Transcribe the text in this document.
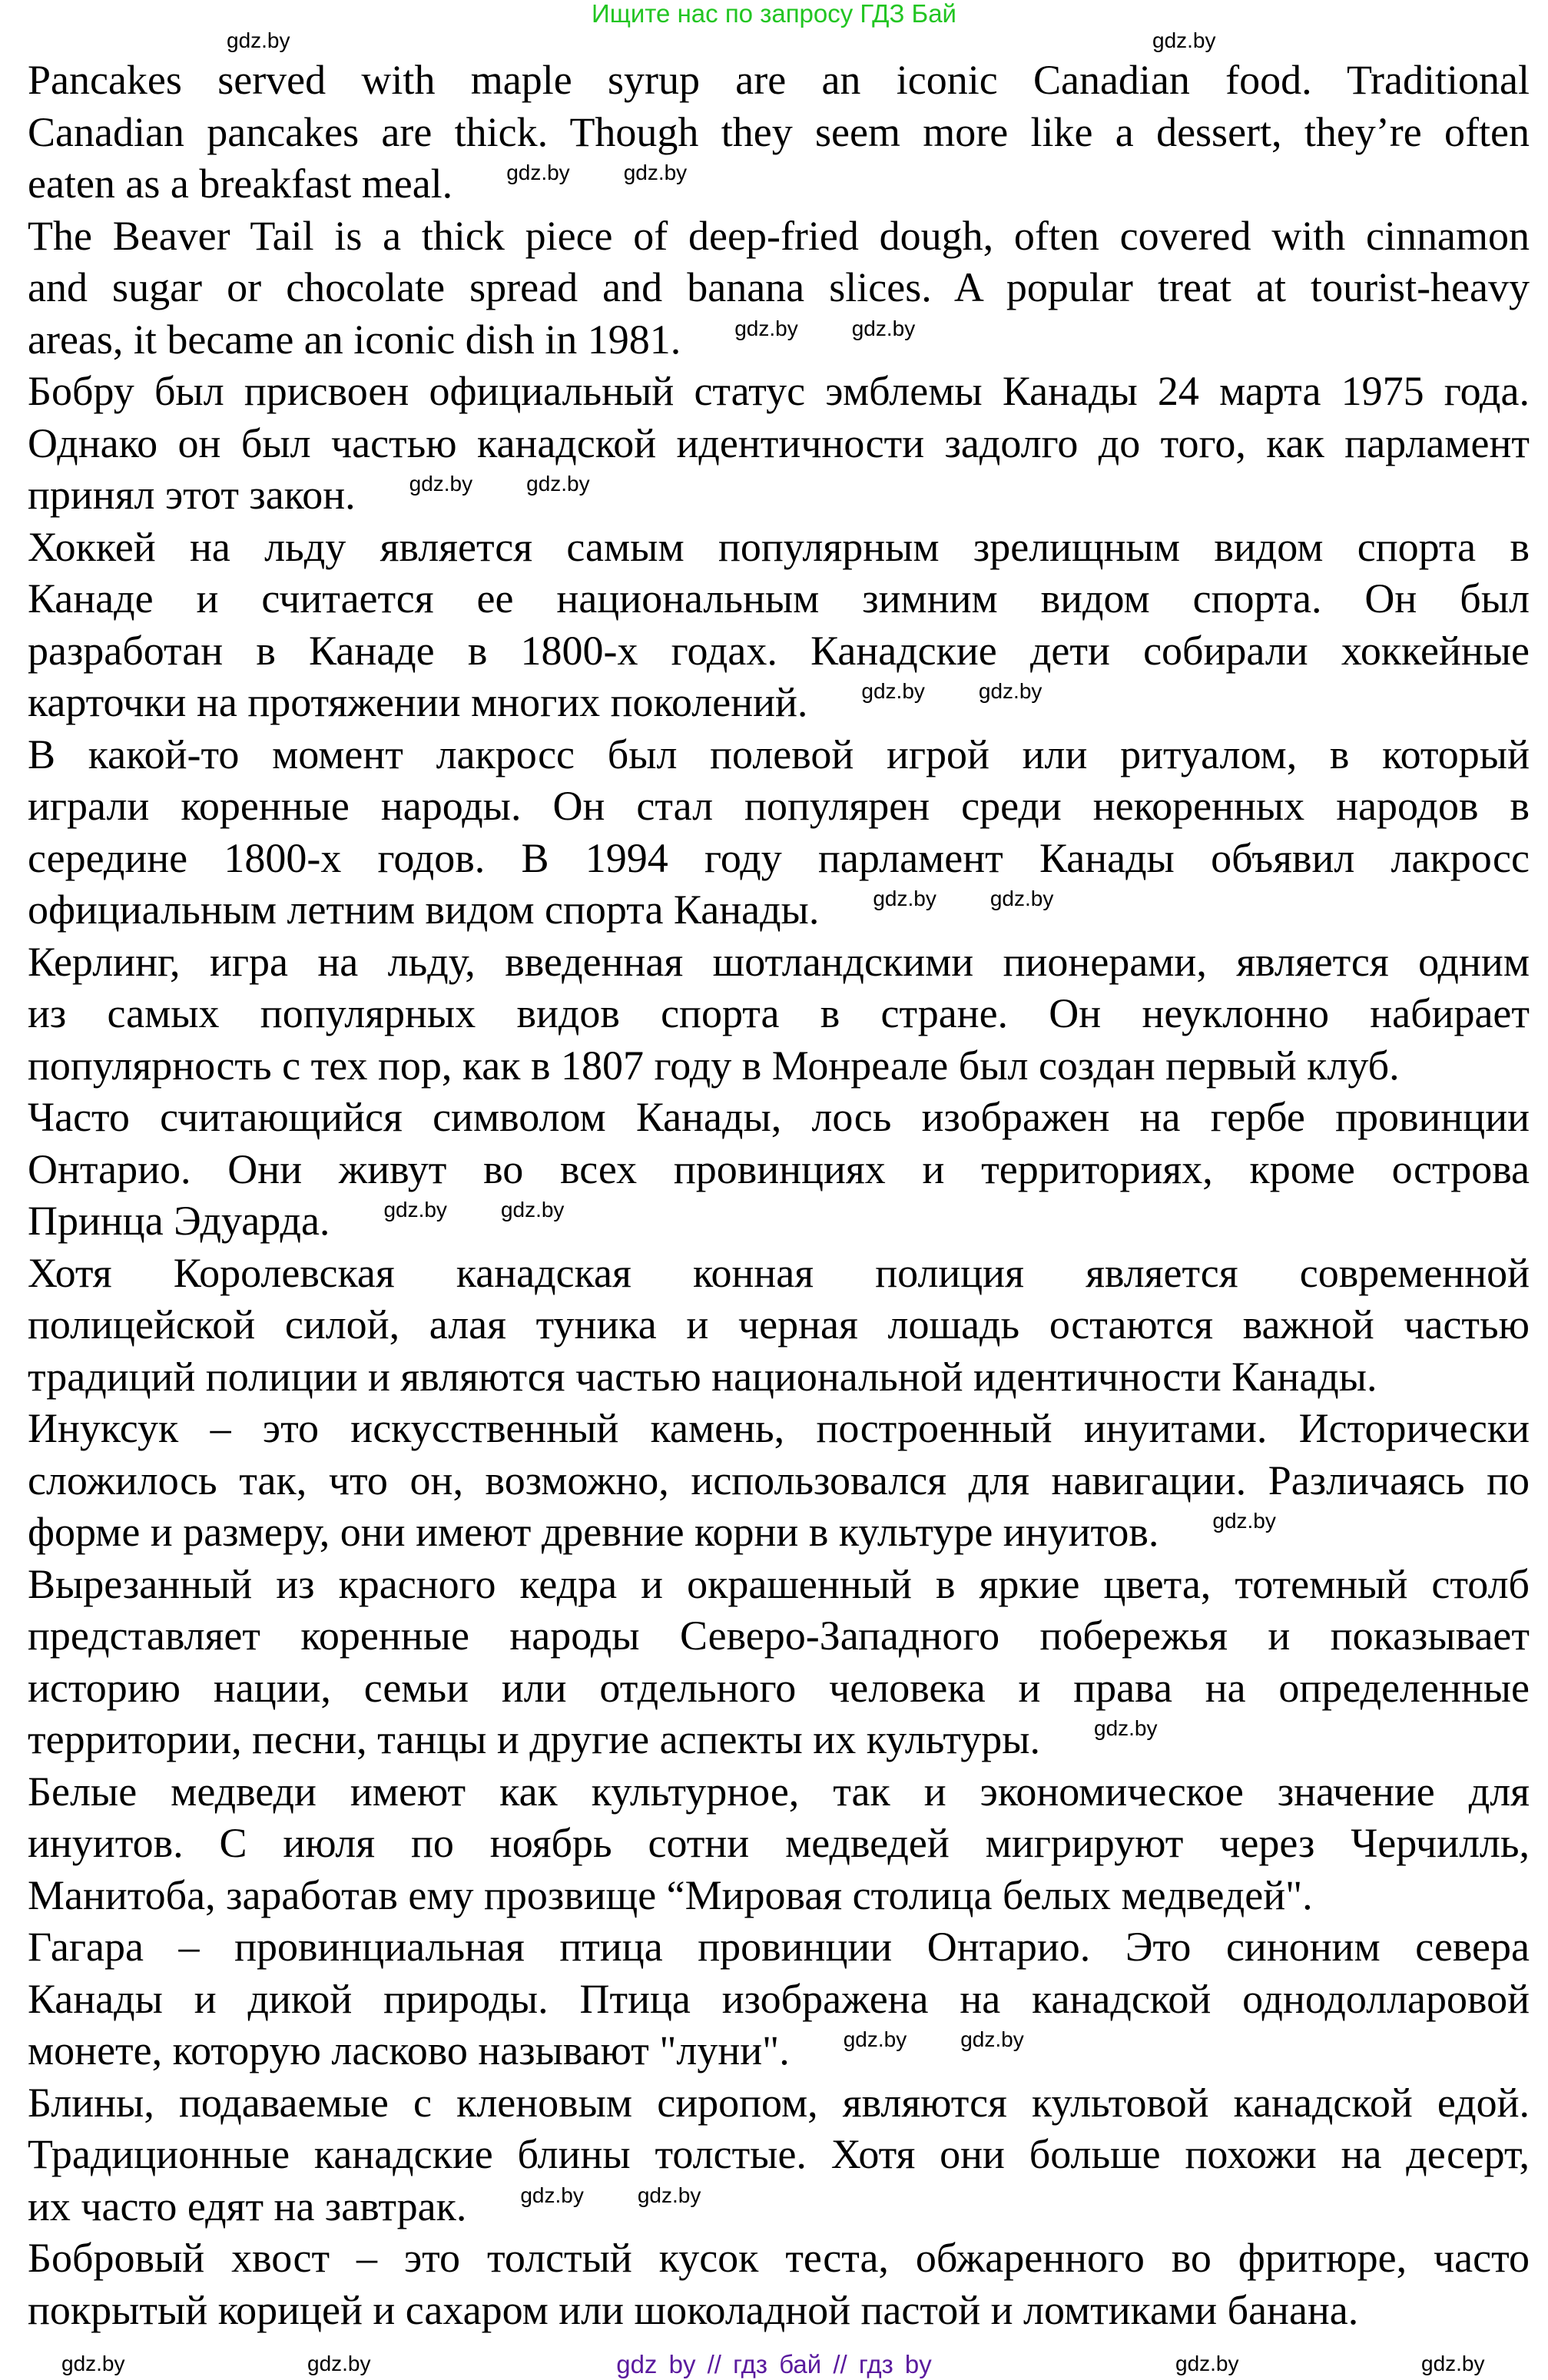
Ищите нас по запросу ГДЗ Бай
Pancakes served with maple syrup are an iconic Canadian food. Traditional
Canadian pancakes are thick. Though they seem more like a dessert, they’re often
eaten as a breakfast meal.	gdz.by	gdz.by
The Beaver Tail is a thick piece of deep-fried dough, often covered with cinnamon
and sugar or chocolate spread and banana slices. A popular treat at tourist-heavy
areas, it became an iconic dish in 1981.	gdz.by	gdz.by
Бобру был присвоен официальный статус эмблемы Канады 24 марта 1975 года.
Однако он был частью канадской идентичности задолго до того, как парламент
принял этот закон.	gdz.by	gdz.by
Хоккей на льду является самым популярным зрелищным видом спорта в
Канаде и считается ее национальным зимним видом спорта. Он был
разработан в Канаде в 1800-х годах. Канадские дети собирали хоккейные
карточки на протяжении многих поколений.	gdz.by	gdz.by
В какой-то момент лакросс был полевой игрой или ритуалом, в который
играли коренные народы. Он стал популярен среди некоренных народов в
середине 1800-х годов. В 1994 году парламент Канады объявил лакросс
официальным летним видом спорта Канады.	gdz.by	gdz.by
Керлинг, игра на льду, введенная шотландскими пионерами, является одним
из самых популярных видов спорта в стране. Он неуклонно набирает
популярность с тех пор, как в 1807 году в Монреале был создан первый клуб.
Часто считающийся символом Канады, лось изображен на гербе провинции
Онтарио. Они живут во всех провинциях и территориях, кроме острова
Принца Эдуарда.	gdz.by	gdz.by
Хотя Королевская канадская конная полиция является современной
полицейской силой, алая туника и черная лошадь остаются важной частью
традиций полиции и являются частью национальной идентичности Канады.
Инуксук – это искусственный камень, построенный инуитами. Исторически
сложилось так, что он, возможно, использовался для навигации. Различаясь по
форме и размеру, они имеют древние корни в культуре инуитов.	gdz.by
Вырезанный из красного кедра и окрашенный в яркие цвета, тотемный столб
представляет коренные народы Северо-Западного побережья и показывает
историю нации, семьи или отдельного человека и права на определенные
территории, песни, танцы и другие аспекты их культуры.	gdz.by
Белые медведи имеют как культурное, так и экономическое значение для
инуитов. С июля по ноябрь сотни медведей мигрируют через Черчилль,
Манитоба, заработав ему прозвище “Мировая столица белых медведей".
Гагара – провинциальная птица провинции Онтарио. Это синоним севера
Канады и дикой природы. Птица изображена на канадской однодолларовой
монете, которую ласково называют "луни".	gdz.by	gdz.by
Блины, подаваемые с кленовым сиропом, являются культовой канадской едой.
Традиционные канадские блины толстые. Хотя они больше похожи на десерт,
их часто едят на завтрак.	gdz.by	gdz.by
Бобровый хвост – это толстый кусок теста, обжаренного во фритюре, часто
покрытый корицей и сахаром или шоколадной пастой и ломтиками банана.
gdz.by	gdz.by
gdz.by	gdz.by	gdz.by	gdz.by
gdz by // гдз бай // гдз by
